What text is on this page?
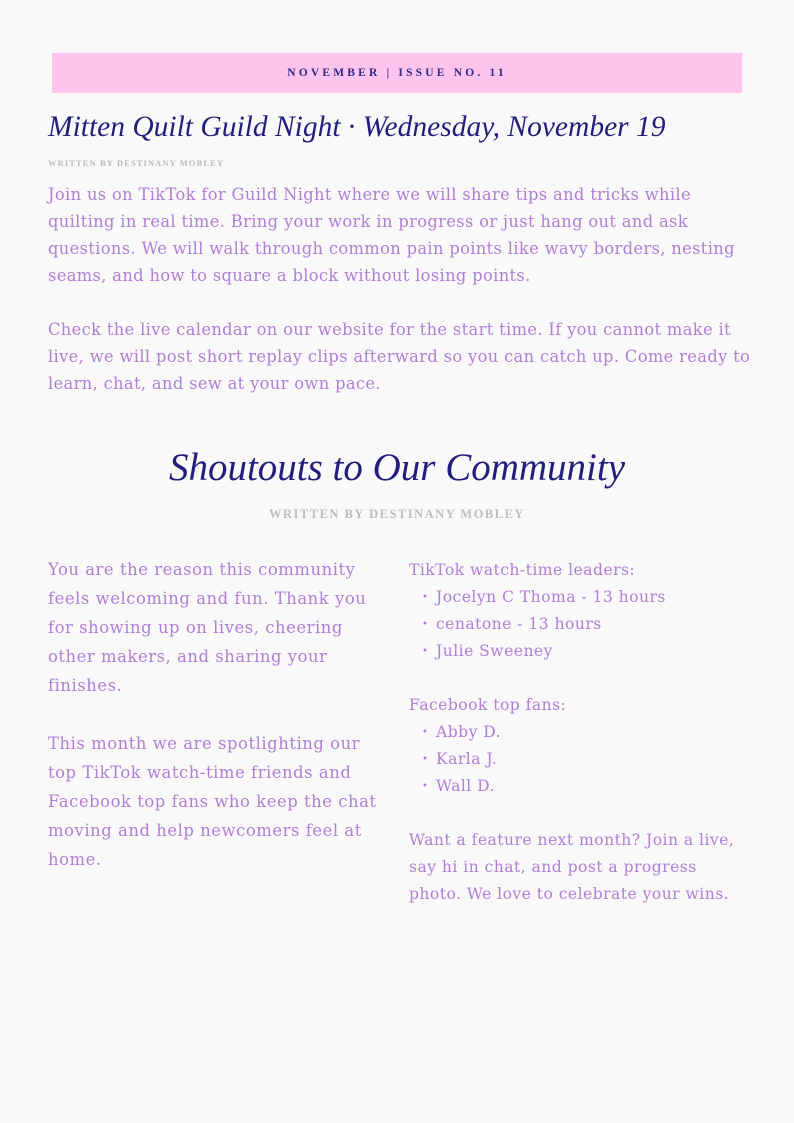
NOVEMBER | ISSUE NO. 11
Mitten Quilt Guild Night · Wednesday, November 19
WRITTEN BY DESTINANY MOBLEY

Join us on TikTok for Guild Night where we will share tips and tricks while quilting in real time. Bring your work in progress or just hang out and ask questions. We will walk through common pain points like wavy borders, nesting seams, and how to square a block without losing points.

Check the live calendar on our website for the start time. If you cannot make it live, we will post short replay clips afterward so you can catch up. Come ready to learn, chat, and sew at your own pace.

Shoutouts to Our Community
WRITTEN BY DESTINANY MOBLEY

You are the reason this community feels welcoming and fun. Thank you for showing up on lives, cheering other makers, and sharing your finishes.

This month we are spotlighting our top TikTok watch-time friends and Facebook top fans who keep the chat moving and help newcomers feel at home.

TikTok watch-time leaders:

• Jocelyn C Thoma - 13 hours
• cenatone - 13 hours
• Julie Sweeney

Facebook top fans:

• Abby D.
• Karla J.
• Wall D.

Want a feature next month? Join a live, say hi in chat, and post a progress photo. We love to celebrate your wins.
